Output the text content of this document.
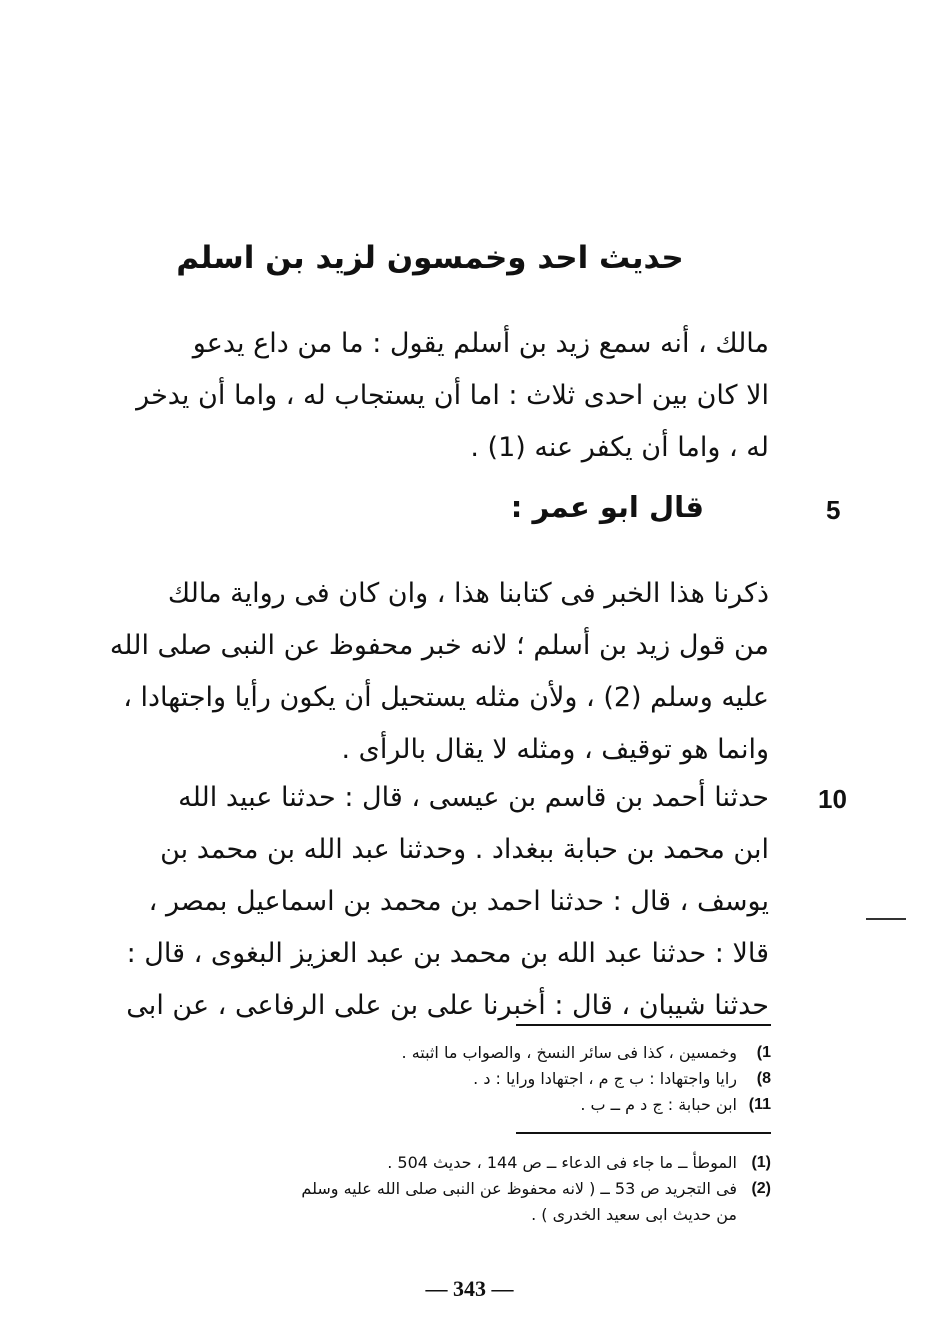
حديث احد وخمسون لزيد بن اسلم
مالك ، أنه سمع زيد بن أسلم يقول : ما من داع يدعو
الا كان بين احدى ثلاث : اما أن يستجاب له ، واما أن يدخر
له ، واما أن يكفر عنه (1) .
5
قال ابو عمر :
ذكرنا هذا الخبر فى كتابنا هذا ، وان كان فى رواية مالك
من قول زيد بن أسلم ؛ لانه خبر محفوظ عن النبى صلى الله
عليه وسلم (2) ، ولأن مثله يستحيل أن يكون رأيا واجتهادا ،
وانما هو توقيف ، ومثله لا يقال بالرأى .
10
حدثنا أحمد بن قاسم بن عيسى ، قال : حدثنا عبيد الله
ابن محمد بن حبابة ببغداد . وحدثنا عبد الله بن محمد بن
يوسف ، قال : حدثنا احمد بن محمد بن اسماعيل بمصر ،
قالا : حدثنا عبد الله بن محمد بن عبد العزيز البغوى ، قال :
حدثنا شيبان ، قال : أخبرنا على بن على الرفاعى ، عن ابى
1)
وخمسين ، كذا فى سائر النسخ ، والصواب ما اثبته .
8)
رايا واجتهادا : ب ج م ، اجتهادا ورايا : د .
11)
ابن حبابة : ج د م ــ ب .
(1)
الموطأ ــ ما جاء فى الدعاء ــ ص 144 ، حديث 504 .
(2)
فى التجريد ص 53 ــ ( لانه محفوظ عن النبى صلى الله عليه وسلم
من حديث ابى سعيد الخدرى ) .
— 343 —
